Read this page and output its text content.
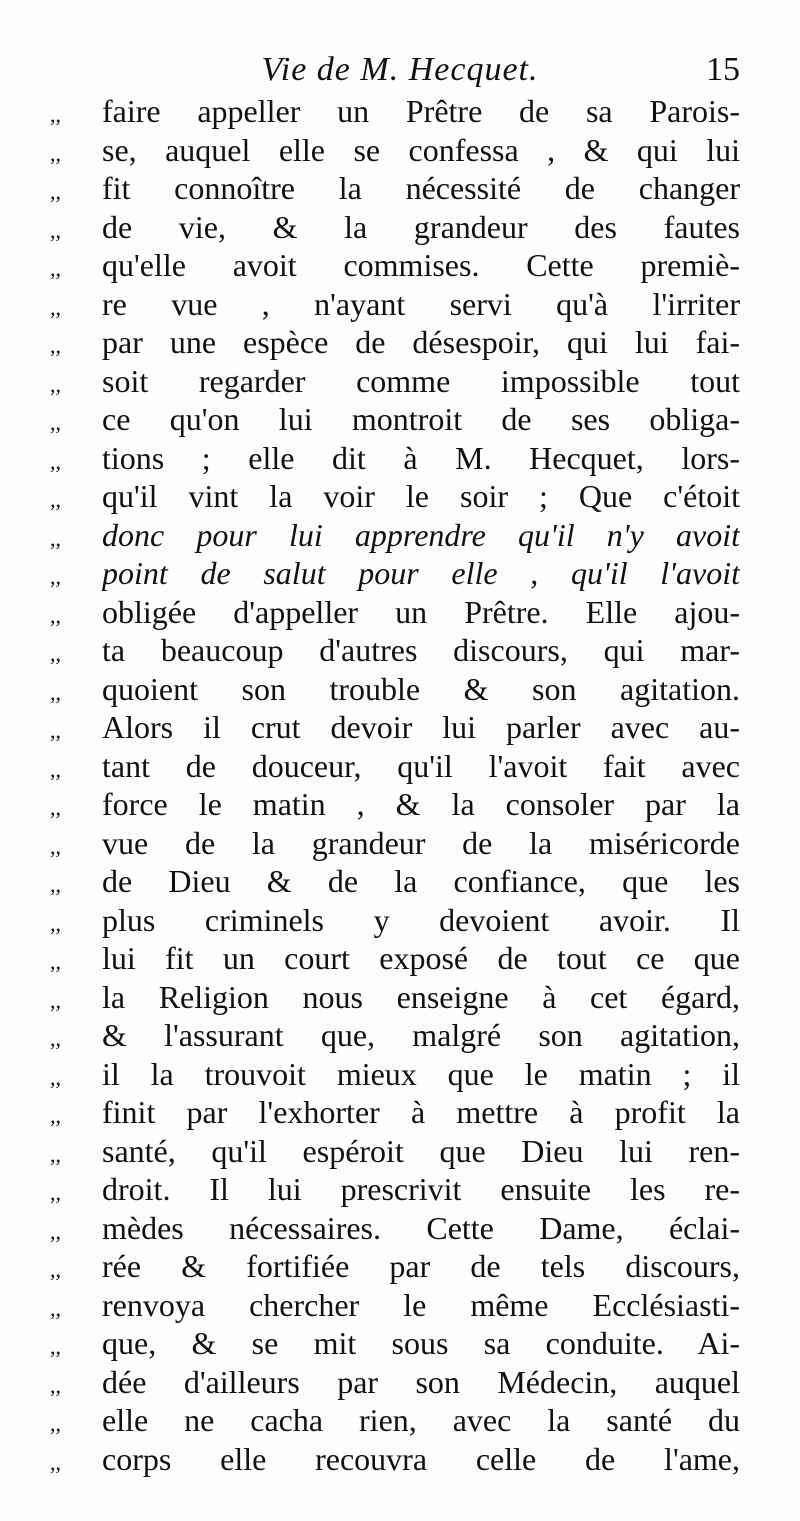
Vie de M. Hecquet.	15
,,	faire appeller un Prêtre de sa Parois-
,,	se, auquel elle se confessa , & qui lui
,,	fit connoître la nécessité de changer
,,	de vie, & la grandeur des fautes
,,	qu'elle avoit commises. Cette premiè-
,,	re vue , n'ayant servi qu'à l'irriter
,,	par une espèce de désespoir, qui lui fai-
,,	soit regarder comme impossible tout
,,	ce qu'on lui montroit de ses obliga-
,,	tions ; elle dit à M. Hecquet, lors-
,,	qu'il vint la voir le soir ; Que c'étoit
,,	donc pour lui apprendre qu'il n'y avoit
,,	point de salut pour elle , qu'il l'avoit
,,	obligée d'appeller un Prêtre. Elle ajou-
,,	ta beaucoup d'autres discours, qui mar-
,,	quoient son trouble & son agitation.
,,	Alors il crut devoir lui parler avec au-
,,	tant de douceur, qu'il l'avoit fait avec
,,	force le matin , & la consoler par la
,,	vue de la grandeur de la miséricorde
,,	de Dieu & de la confiance, que les
,,	plus criminels y devoient avoir. Il
,,	lui fit un court exposé de tout ce que
,,	la Religion nous enseigne à cet égard,
,,	& l'assurant que, malgré son agitation,
,,	il la trouvoit mieux que le matin ; il
,,	finit par l'exhorter à mettre à profit la
,,	santé, qu'il espéroit que Dieu lui ren-
,,	droit. Il lui prescrivit ensuite les re-
,,	mèdes nécessaires. Cette Dame, éclai-
,,	rée & fortifiée par de tels discours,
,,	renvoya chercher le même Ecclésiasti-
,,	que, & se mit sous sa conduite. Ai-
,,	dée d'ailleurs par son Médecin, auquel
,,	elle ne cacha rien, avec la santé du
,,	corps elle recouvra celle de l'ame,
